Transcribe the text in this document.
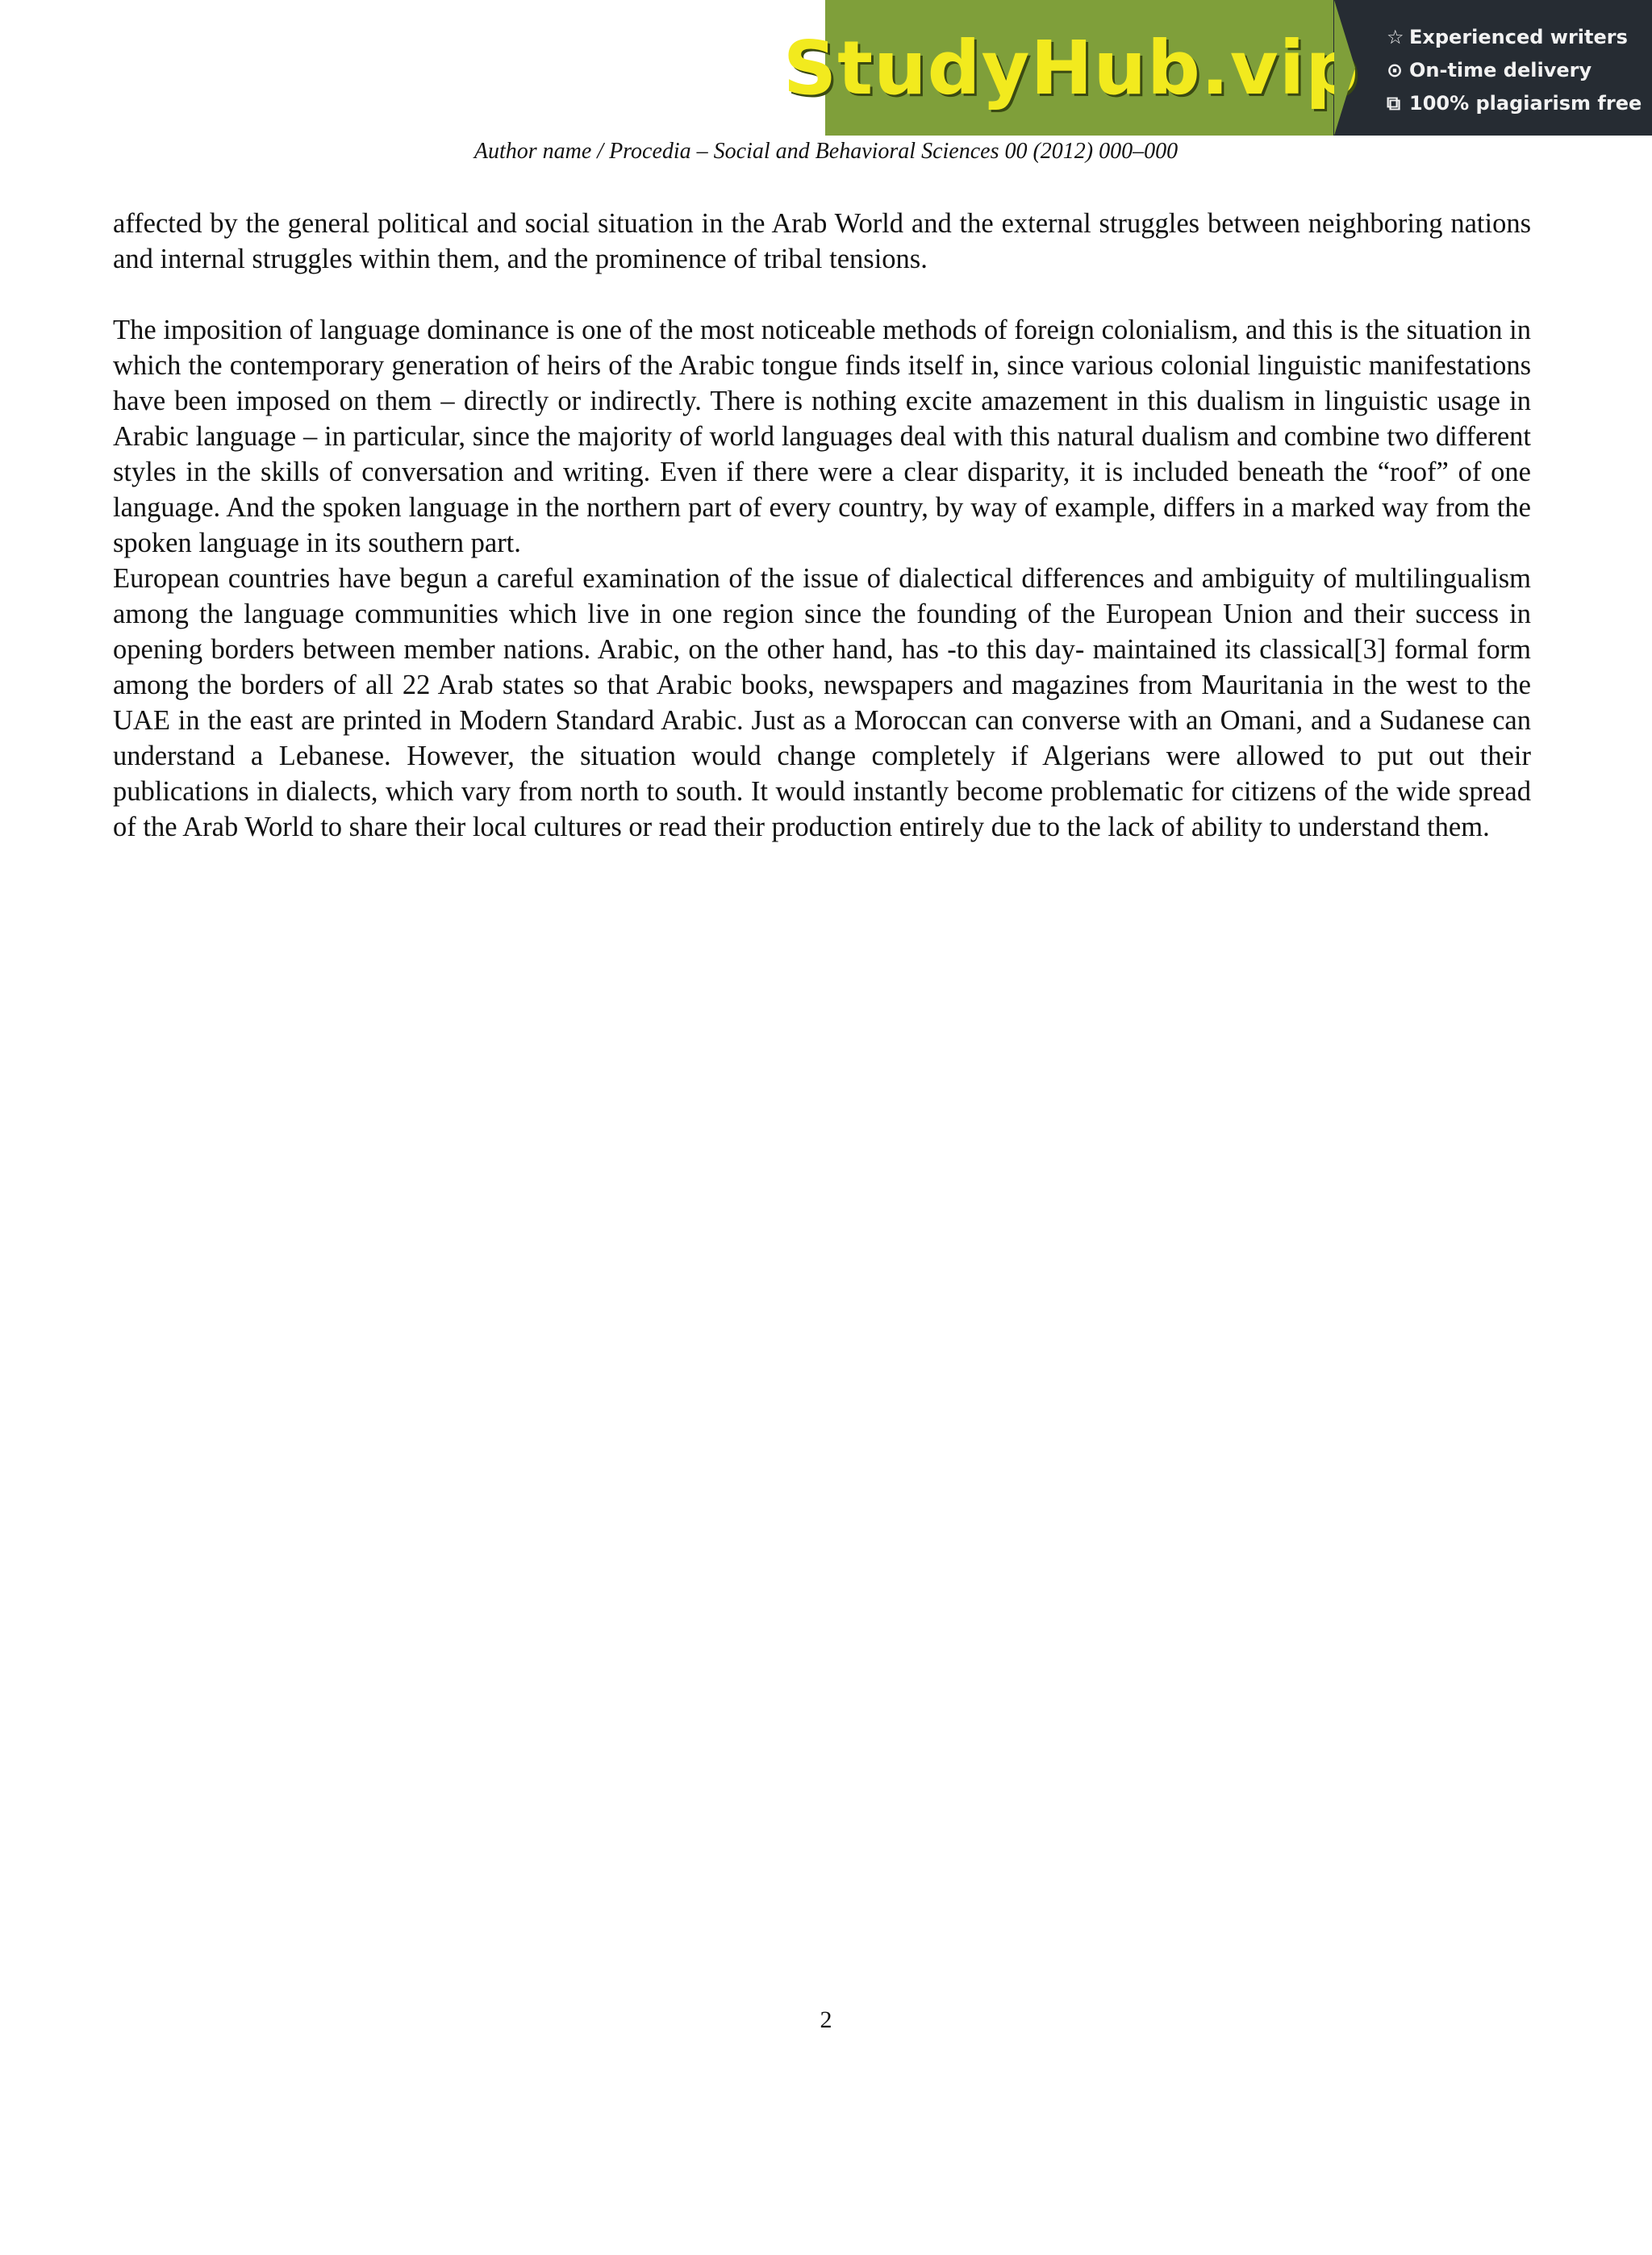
StudyHub.vip ☆ Experienced writers
⊙ On-time delivery
⧉ 100% plagiarism free
Author name / Procedia – Social and Behavioral Sciences 00 (2012) 000–000

affected by the general political and social situation in the Arab World and the external struggles between neighboring nations and internal struggles within them, and the prominence of tribal tensions.

The imposition of language dominance is one of the most noticeable methods of foreign colonialism, and this is the situation in which the contemporary generation of heirs of the Arabic tongue finds itself in, since various colonial linguistic manifestations have been imposed on them – directly or indirectly. There is nothing excite amazement in this dualism in linguistic usage in Arabic language – in particular, since the majority of world languages deal with this natural dualism and combine two different styles in the skills of conversation and writing. Even if there were a clear disparity, it is included beneath the “roof” of one language. And the spoken language in the northern part of every country, by way of example, differs in a marked way from the spoken language in its southern part.

European countries have begun a careful examination of the issue of dialectical differences and ambiguity of multilingualism among the language communities which live in one region since the founding of the European Union and their success in opening borders between member nations. Arabic, on the other hand, has -to this day- maintained its classical[3] formal form among the borders of all 22 Arab states so that Arabic books, newspapers and magazines from Mauritania in the west to the UAE in the east are printed in Modern Standard Arabic. Just as a Moroccan can converse with an Omani, and a Sudanese can understand a Lebanese. However, the situation would change completely if Algerians were allowed to put out their publications in dialects, which vary from north to south. It would instantly become problematic for citizens of the wide spread of the Arab World to share their local cultures or read their production entirely due to the lack of ability to understand them.

2
